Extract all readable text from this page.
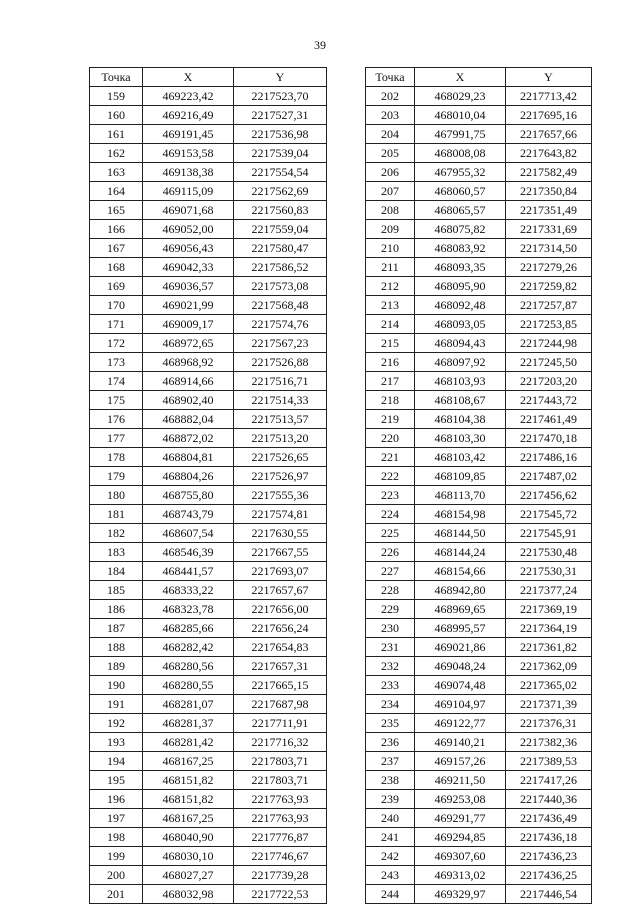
39
Точка	X	Y
159	469223,42	2217523,70
160	469216,49	2217527,31
161	469191,45	2217536,98
162	469153,58	2217539,04
163	469138,38	2217554,54
164	469115,09	2217562,69
165	469071,68	2217560,83
166	469052,00	2217559,04
167	469056,43	2217580,47
168	469042,33	2217586,52
169	469036,57	2217573,08
170	469021,99	2217568,48
171	469009,17	2217574,76
172	468972,65	2217567,23
173	468968,92	2217526,88
174	468914,66	2217516,71
175	468902,40	2217514,33
176	468882,04	2217513,57
177	468872,02	2217513,20
178	468804,81	2217526,65
179	468804,26	2217526,97
180	468755,80	2217555,36
181	468743,79	2217574,81
182	468607,54	2217630,55
183	468546,39	2217667,55
184	468441,57	2217693,07
185	468333,22	2217657,67
186	468323,78	2217656,00
187	468285,66	2217656,24
188	468282,42	2217654,83
189	468280,56	2217657,31
190	468280,55	2217665,15
191	468281,07	2217687,98
192	468281,37	2217711,91
193	468281,42	2217716,32
194	468167,25	2217803,71
195	468151,82	2217803,71
196	468151,82	2217763,93
197	468167,25	2217763,93
198	468040,90	2217776,87
199	468030,10	2217746,67
200	468027,27	2217739,28
201	468032,98	2217722,53
Точка	X	Y
202	468029,23	2217713,42
203	468010,04	2217695,16
204	467991,75	2217657,66
205	468008,08	2217643,82
206	467955,32	2217582,49
207	468060,57	2217350,84
208	468065,57	2217351,49
209	468075,82	2217331,69
210	468083,92	2217314,50
211	468093,35	2217279,26
212	468095,90	2217259,82
213	468092,48	2217257,87
214	468093,05	2217253,85
215	468094,43	2217244,98
216	468097,92	2217245,50
217	468103,93	2217203,20
218	468108,67	2217443,72
219	468104,38	2217461,49
220	468103,30	2217470,18
221	468103,42	2217486,16
222	468109,85	2217487,02
223	468113,70	2217456,62
224	468154,98	2217545,72
225	468144,50	2217545,91
226	468144,24	2217530,48
227	468154,66	2217530,31
228	468942,80	2217377,24
229	468969,65	2217369,19
230	468995,57	2217364,19
231	469021,86	2217361,82
232	469048,24	2217362,09
233	469074,48	2217365,02
234	469104,97	2217371,39
235	469122,77	2217376,31
236	469140,21	2217382,36
237	469157,26	2217389,53
238	469211,50	2217417,26
239	469253,08	2217440,36
240	469291,77	2217436,49
241	469294,85	2217436,18
242	469307,60	2217436,23
243	469313,02	2217436,25
244	469329,97	2217446,54
